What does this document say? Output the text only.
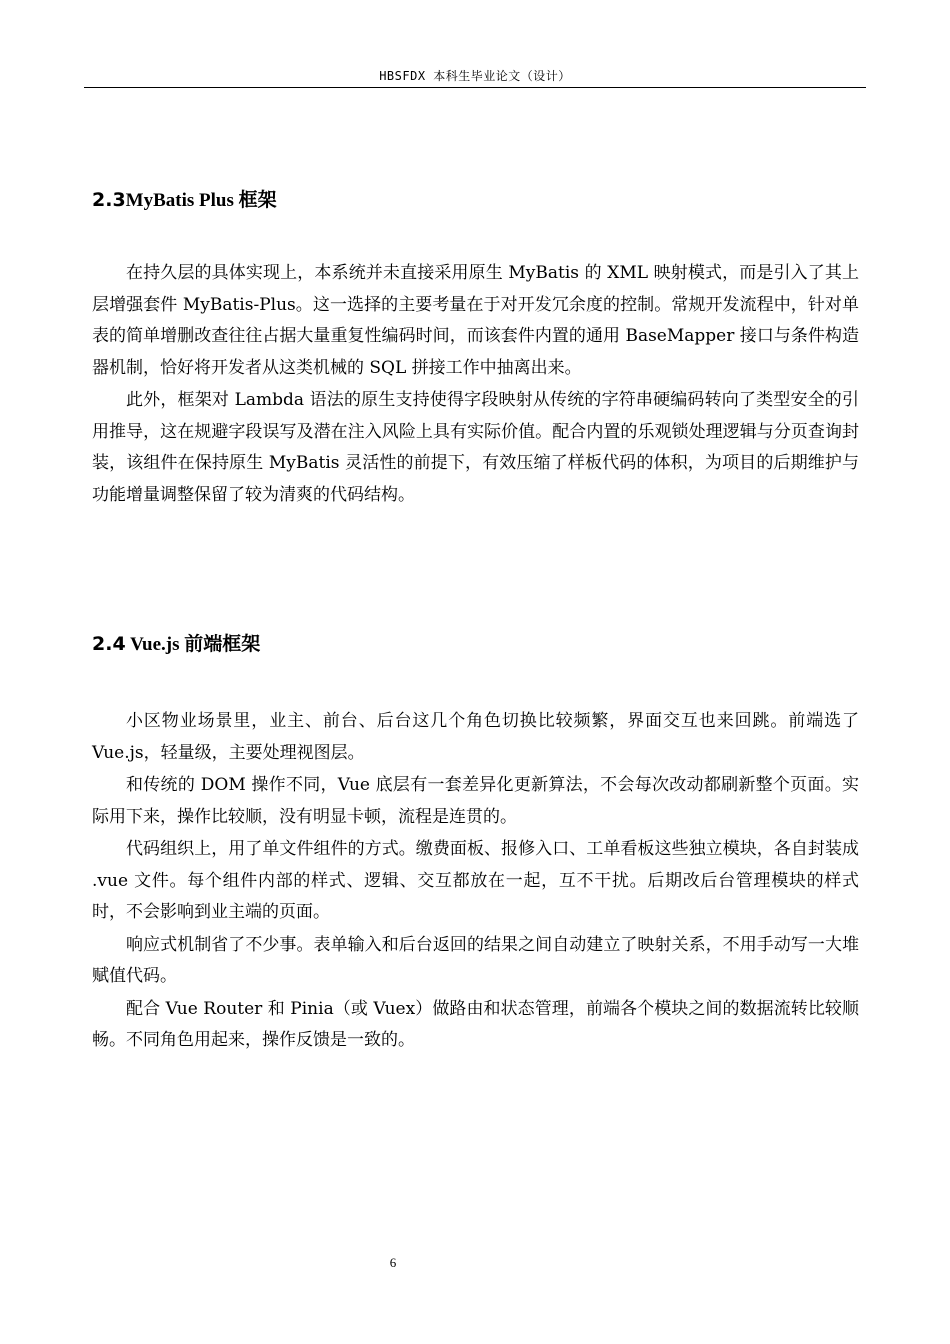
HBSFDX 本科生毕业论文（设计）
2.3MyBatis Plus 框架

在持久层的具体实现上，本系统并未直接采用原生 MyBatis 的 XML 映射模式，而是引入了其上层增强套件 MyBatis-Plus。这一选择的主要考量在于对开发冗余度的控制。常规开发流程中，针对单表的简单增删改查往往占据大量重复性编码时间，而该套件内置的通用 BaseMapper 接口与条件构造器机制，恰好将开发者从这类机械的 SQL 拼接工作中抽离出来。

此外，框架对 Lambda 语法的原生支持使得字段映射从传统的字符串硬编码转向了类型安全的引用推导，这在规避字段误写及潜在注入风险上具有实际价值。配合内置的乐观锁处理逻辑与分页查询封装，该组件在保持原生 MyBatis 灵活性的前提下，有效压缩了样板代码的体积，为项目的后期维护与功能增量调整保留了较为清爽的代码结构。

2.4 Vue.js 前端框架

小区物业场景里，业主、前台、后台这几个角色切换比较频繁，界面交互也来回跳。前端选了 Vue.js，轻量级，主要处理视图层。

和传统的 DOM 操作不同，Vue 底层有一套差异化更新算法，不会每次改动都刷新整个页面。实际用下来，操作比较顺，没有明显卡顿，流程是连贯的。

代码组织上，用了单文件组件的方式。缴费面板、报修入口、工单看板这些独立模块，各自封装成 .vue 文件。每个组件内部的样式、逻辑、交互都放在一起，互不干扰。后期改后台管理模块的样式时，不会影响到业主端的页面。

响应式机制省了不少事。表单输入和后台返回的结果之间自动建立了映射关系，不用手动写一大堆赋值代码。

配合 Vue Router 和 Pinia（或 Vuex）做路由和状态管理，前端各个模块之间的数据流转比较顺畅。不同角色用起来，操作反馈是一致的。

6
